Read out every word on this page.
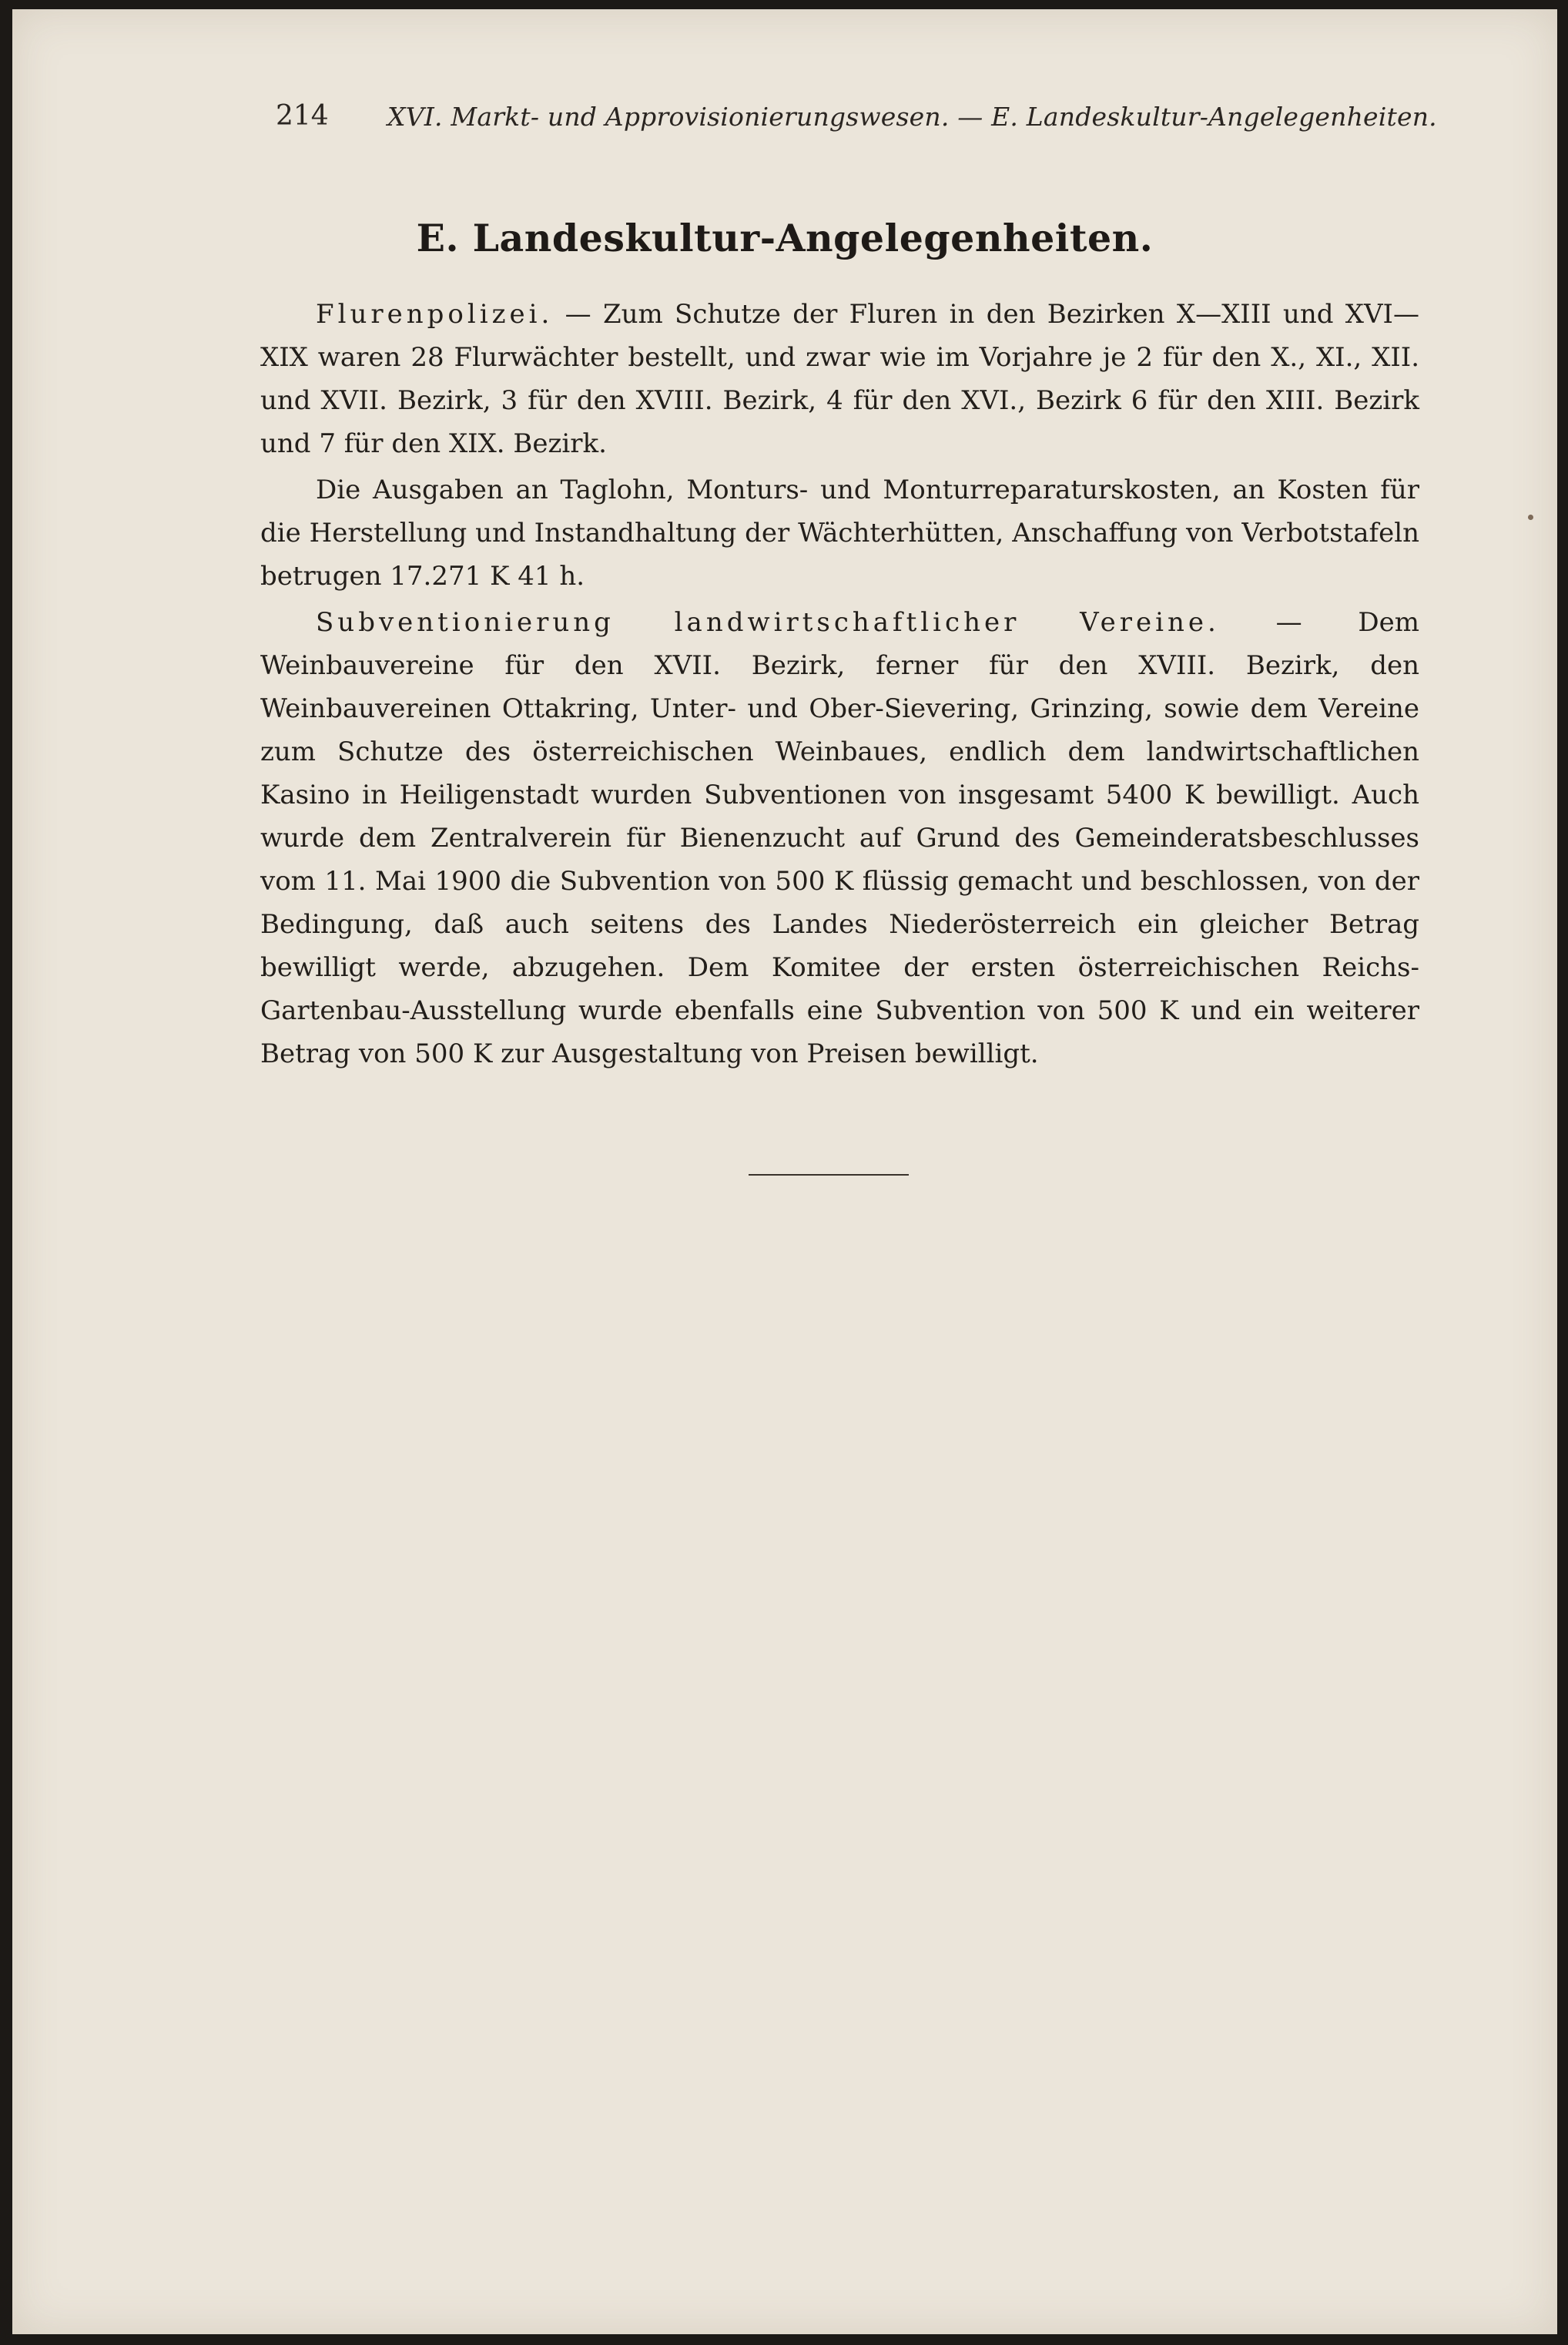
214 XVI. Markt- und Approvisionierungswesen. — E. Landeskultur-Angelegenheiten.
E. Landeskultur-Angelegenheiten.

Flurenpolizei. — Zum Schutze der Fluren in den Bezirken X—XIII und XVI—XIX waren 28 Flurwächter bestellt, und zwar wie im Vorjahre je 2 für den X., XI., XII. und XVII. Bezirk, 3 für den XVIII. Bezirk, 4 für den XVI., Bezirk 6 für den XIII. Bezirk und 7 für den XIX. Bezirk.

Die Ausgaben an Taglohn, Monturs- und Monturreparaturskosten, an Kosten für die Herstellung und Instandhaltung der Wächterhütten, Anschaffung von Verbotstafeln betrugen 17.271 K 41 h.

Subventionierung landwirtschaftlicher Vereine. — Dem Weinbauvereine für den XVII. Bezirk, ferner für den XVIII. Bezirk, den Weinbauvereinen Ottakring, Unter- und Ober-Sievering, Grinzing, sowie dem Vereine zum Schutze des österreichischen Weinbaues, endlich dem landwirtschaftlichen Kasino in Heiligenstadt wurden Subventionen von insgesamt 5400 K bewilligt. Auch wurde dem Zentralverein für Bienenzucht auf Grund des Gemeinderatsbeschlusses vom 11. Mai 1900 die Subvention von 500 K flüssig gemacht und beschlossen, von der Bedingung, daß auch seitens des Landes Niederösterreich ein gleicher Betrag bewilligt werde, abzugehen. Dem Komitee der ersten österreichischen Reichs-Gartenbau-Ausstellung wurde ebenfalls eine Subvention von 500 K und ein weiterer Betrag von 500 K zur Ausgestaltung von Preisen bewilligt.
